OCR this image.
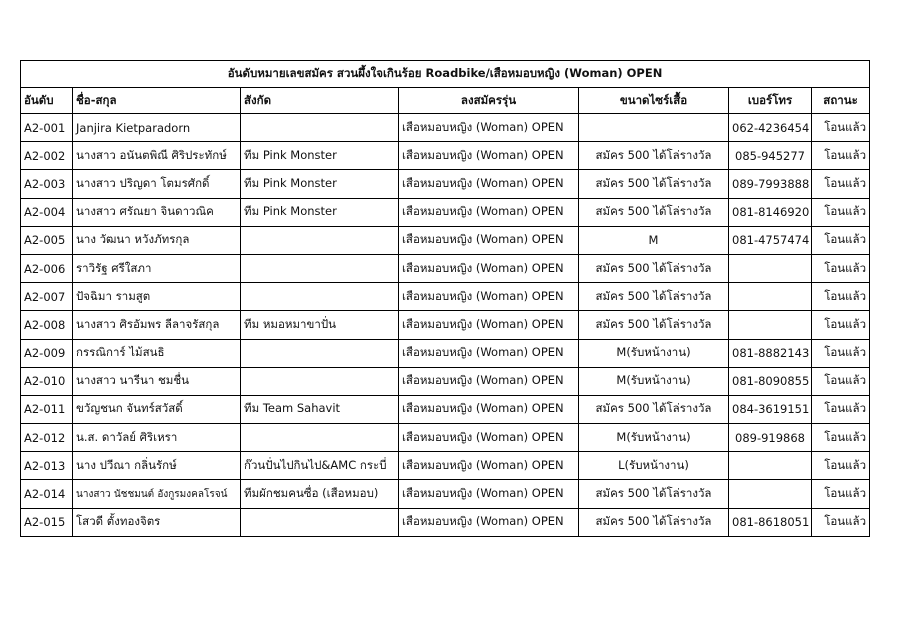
อันดับหมายเลขสมัคร สวนผึ้งใจเกินร้อย Roadbike/เสือหมอบหญิง (Woman) OPEN						
อันดับ	ชื่อ-สกุล	สังกัด	ลงสมัครรุ่น	ขนาดไซร์เสื้อ	เบอร์โทร	สถานะ
A2-001	Janjira Kietparadorn		เสือหมอบหญิง (Woman) OPEN		062-4236454	โอนแล้ว
A2-002	นางสาว อนันตพิณี ศิริประทักษ์	ทีม Pink Monster	เสือหมอบหญิง (Woman) OPEN	สมัคร 500 ได้โล่รางวัล	085-945277	โอนแล้ว
A2-003	นางสาว ปริญดา โตมรศักดิ์	ทีม Pink Monster	เสือหมอบหญิง (Woman) OPEN	สมัคร 500 ได้โล่รางวัล	089-7993888	โอนแล้ว
A2-004	นางสาว ศรัณยา จินดาวณิค	ทีม Pink Monster	เสือหมอบหญิง (Woman) OPEN	สมัคร 500 ได้โล่รางวัล	081-8146920	โอนแล้ว
A2-005	นาง วัฒนา หวังภัทรกุล		เสือหมอบหญิง (Woman) OPEN	M	081-4757474	โอนแล้ว
A2-006	ราวิรัฐ ศรีใสภา		เสือหมอบหญิง (Woman) OPEN	สมัคร 500 ได้โล่รางวัล		โอนแล้ว
A2-007	ปัจฉิมา รามสูต		เสือหมอบหญิง (Woman) OPEN	สมัคร 500 ได้โล่รางวัล		โอนแล้ว
A2-008	นางสาว ศิรอัมพร ลีลาจรัสกุล	ทีม หมอหมาขาปั่น	เสือหมอบหญิง (Woman) OPEN	สมัคร 500 ได้โล่รางวัล		โอนแล้ว
A2-009	กรรณิการ์ ไม้สนธิ		เสือหมอบหญิง (Woman) OPEN	M(รับหน้างาน)	081-8882143	โอนแล้ว
A2-010	นางสาว นารีนา ชมชื่น		เสือหมอบหญิง (Woman) OPEN	M(รับหน้างาน)	081-8090855	โอนแล้ว
A2-011	ขวัญชนก จันทร์สวัสดิ์	ทีม Team Sahavit	เสือหมอบหญิง (Woman) OPEN	สมัคร 500 ได้โล่รางวัล	084-3619151	โอนแล้ว
A2-012	น.ส. ดาวัลย์ ศิริเหรา		เสือหมอบหญิง (Woman) OPEN	M(รับหน้างาน)	089-919868	โอนแล้ว
A2-013	นาง ปวีณา กลิ่นรักษ์	ก๊วนปั่นไปกินไป&AMC กระบี่	เสือหมอบหญิง (Woman) OPEN	L(รับหน้างาน)		โอนแล้ว
A2-014	นางสาว นัชชมนต์ อังกูรมงคลโรจน์	ทีมผักชมคนซื่อ (เสือหมอบ)	เสือหมอบหญิง (Woman) OPEN	สมัคร 500 ได้โล่รางวัล		โอนแล้ว
A2-015	โสวดี ตั้งทองจิตร		เสือหมอบหญิง (Woman) OPEN	สมัคร 500 ได้โล่รางวัล	081-8618051	โอนแล้ว
